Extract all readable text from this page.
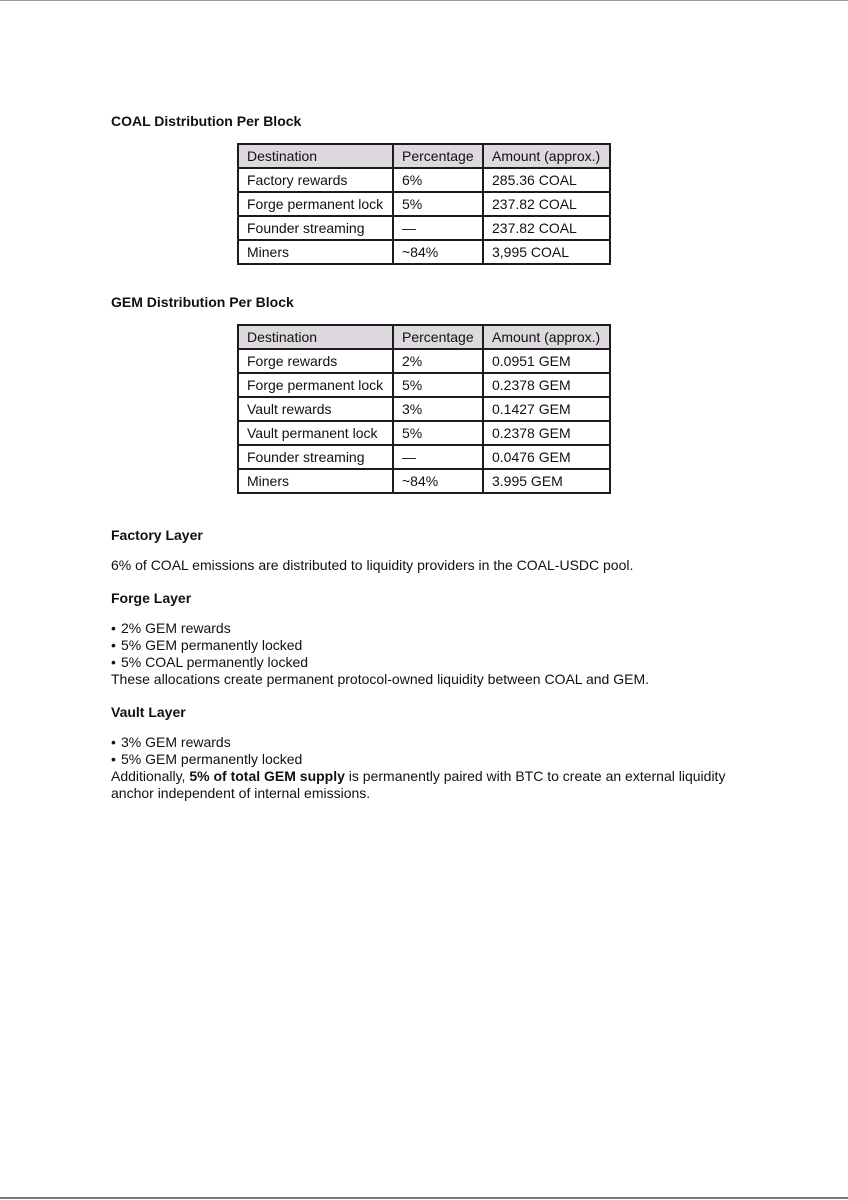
COAL Distribution Per Block
Destination	Percentage	Amount (approx.)
Factory rewards	6%	285.36 COAL
Forge permanent lock	5%	237.82 COAL
Founder streaming	—	237.82 COAL
Miners	~84%	3,995 COAL
GEM Distribution Per Block
Destination	Percentage	Amount (approx.)
Forge rewards	2%	0.0951 GEM
Forge permanent lock	5%	0.2378 GEM
Vault rewards	3%	0.1427 GEM
Vault permanent lock	5%	0.2378 GEM
Founder streaming	—	0.0476 GEM
Miners	~84%	3.995 GEM
Factory Layer

6% of COAL emissions are distributed to liquidity providers in the COAL-USDC pool.

Forge Layer
• 2% GEM rewards
• 5% GEM permanently locked
• 5% COAL permanently locked

These allocations create permanent protocol-owned liquidity between COAL and GEM.

Vault Layer
• 3% GEM rewards
• 5% GEM permanently locked

Additionally, 5% of total GEM supply is permanently paired with BTC to create an external liquidity

anchor independent of internal emissions.
